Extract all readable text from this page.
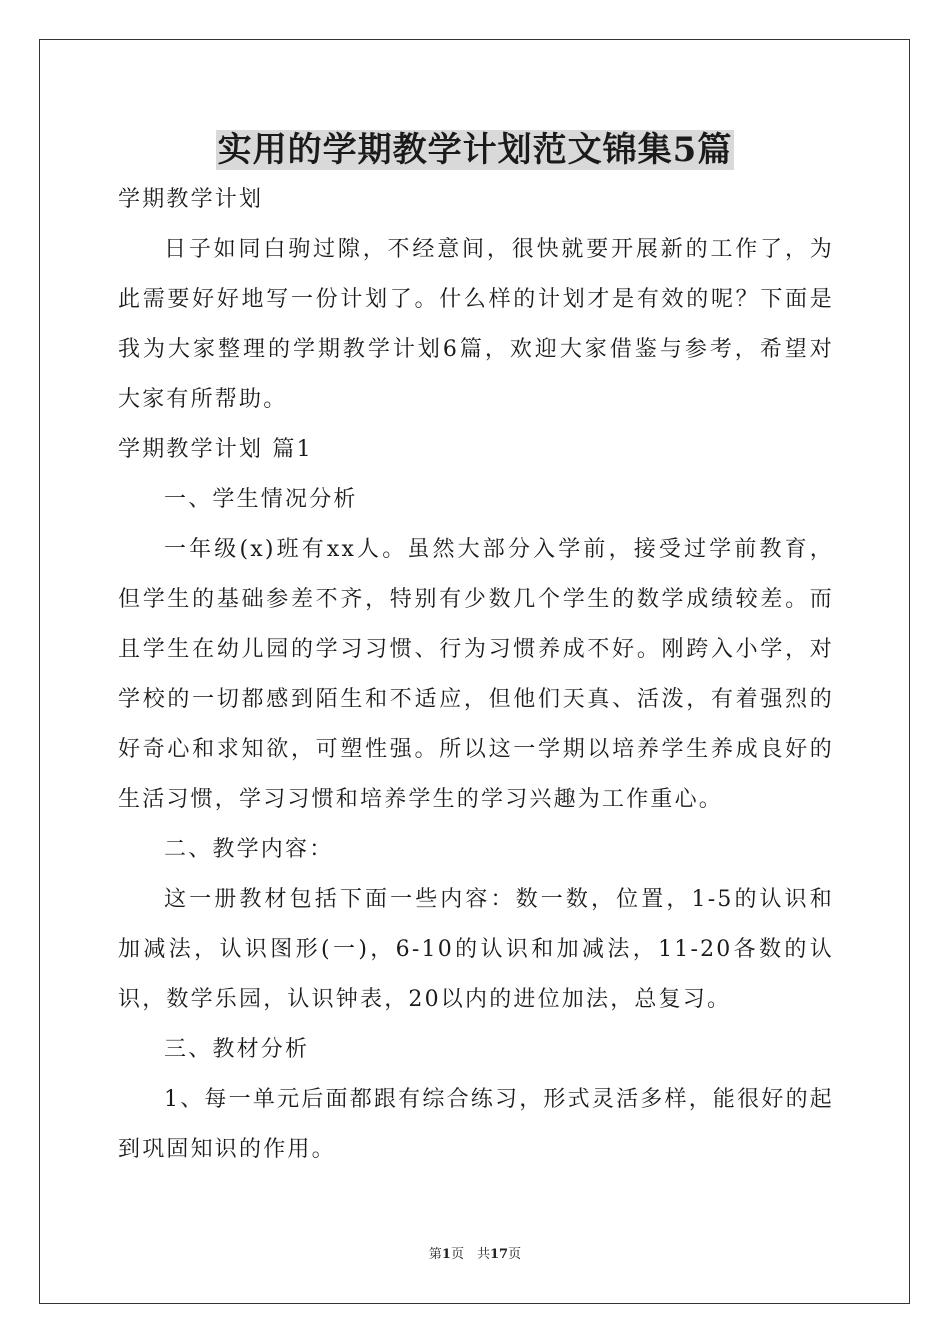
实用的学期教学计划范文锦集5篇

学期教学计划

日子如同白驹过隙，不经意间，很快就要开展新的工作了，为此需要好好地写一份计划了。什么样的计划才是有效的呢？下面是我为大家整理的学期教学计划6篇，欢迎大家借鉴与参考，希望对大家有所帮助。

学期教学计划 篇1

一、学生情况分析

一年级(x)班有xx人。虽然大部分入学前，接受过学前教育，但学生的基础参差不齐，特别有少数几个学生的数学成绩较差。而且学生在幼儿园的学习习惯、行为习惯养成不好。刚跨入小学，对学校的一切都感到陌生和不适应，但他们天真、活泼，有着强烈的好奇心和求知欲，可塑性强。所以这一学期以培养学生养成良好的生活习惯，学习习惯和培养学生的学习兴趣为工作重心。

二、教学内容：

这一册教材包括下面一些内容：数一数，位置，1-5的认识和加减法，认识图形(一)，6-10的认识和加减法，11-20各数的认识，数学乐园，认识钟表，20以内的进位加法，总复习。

三、教材分析

1、每一单元后面都跟有综合练习，形式灵活多样，能很好的起到巩固知识的作用。

第1页　共17页
